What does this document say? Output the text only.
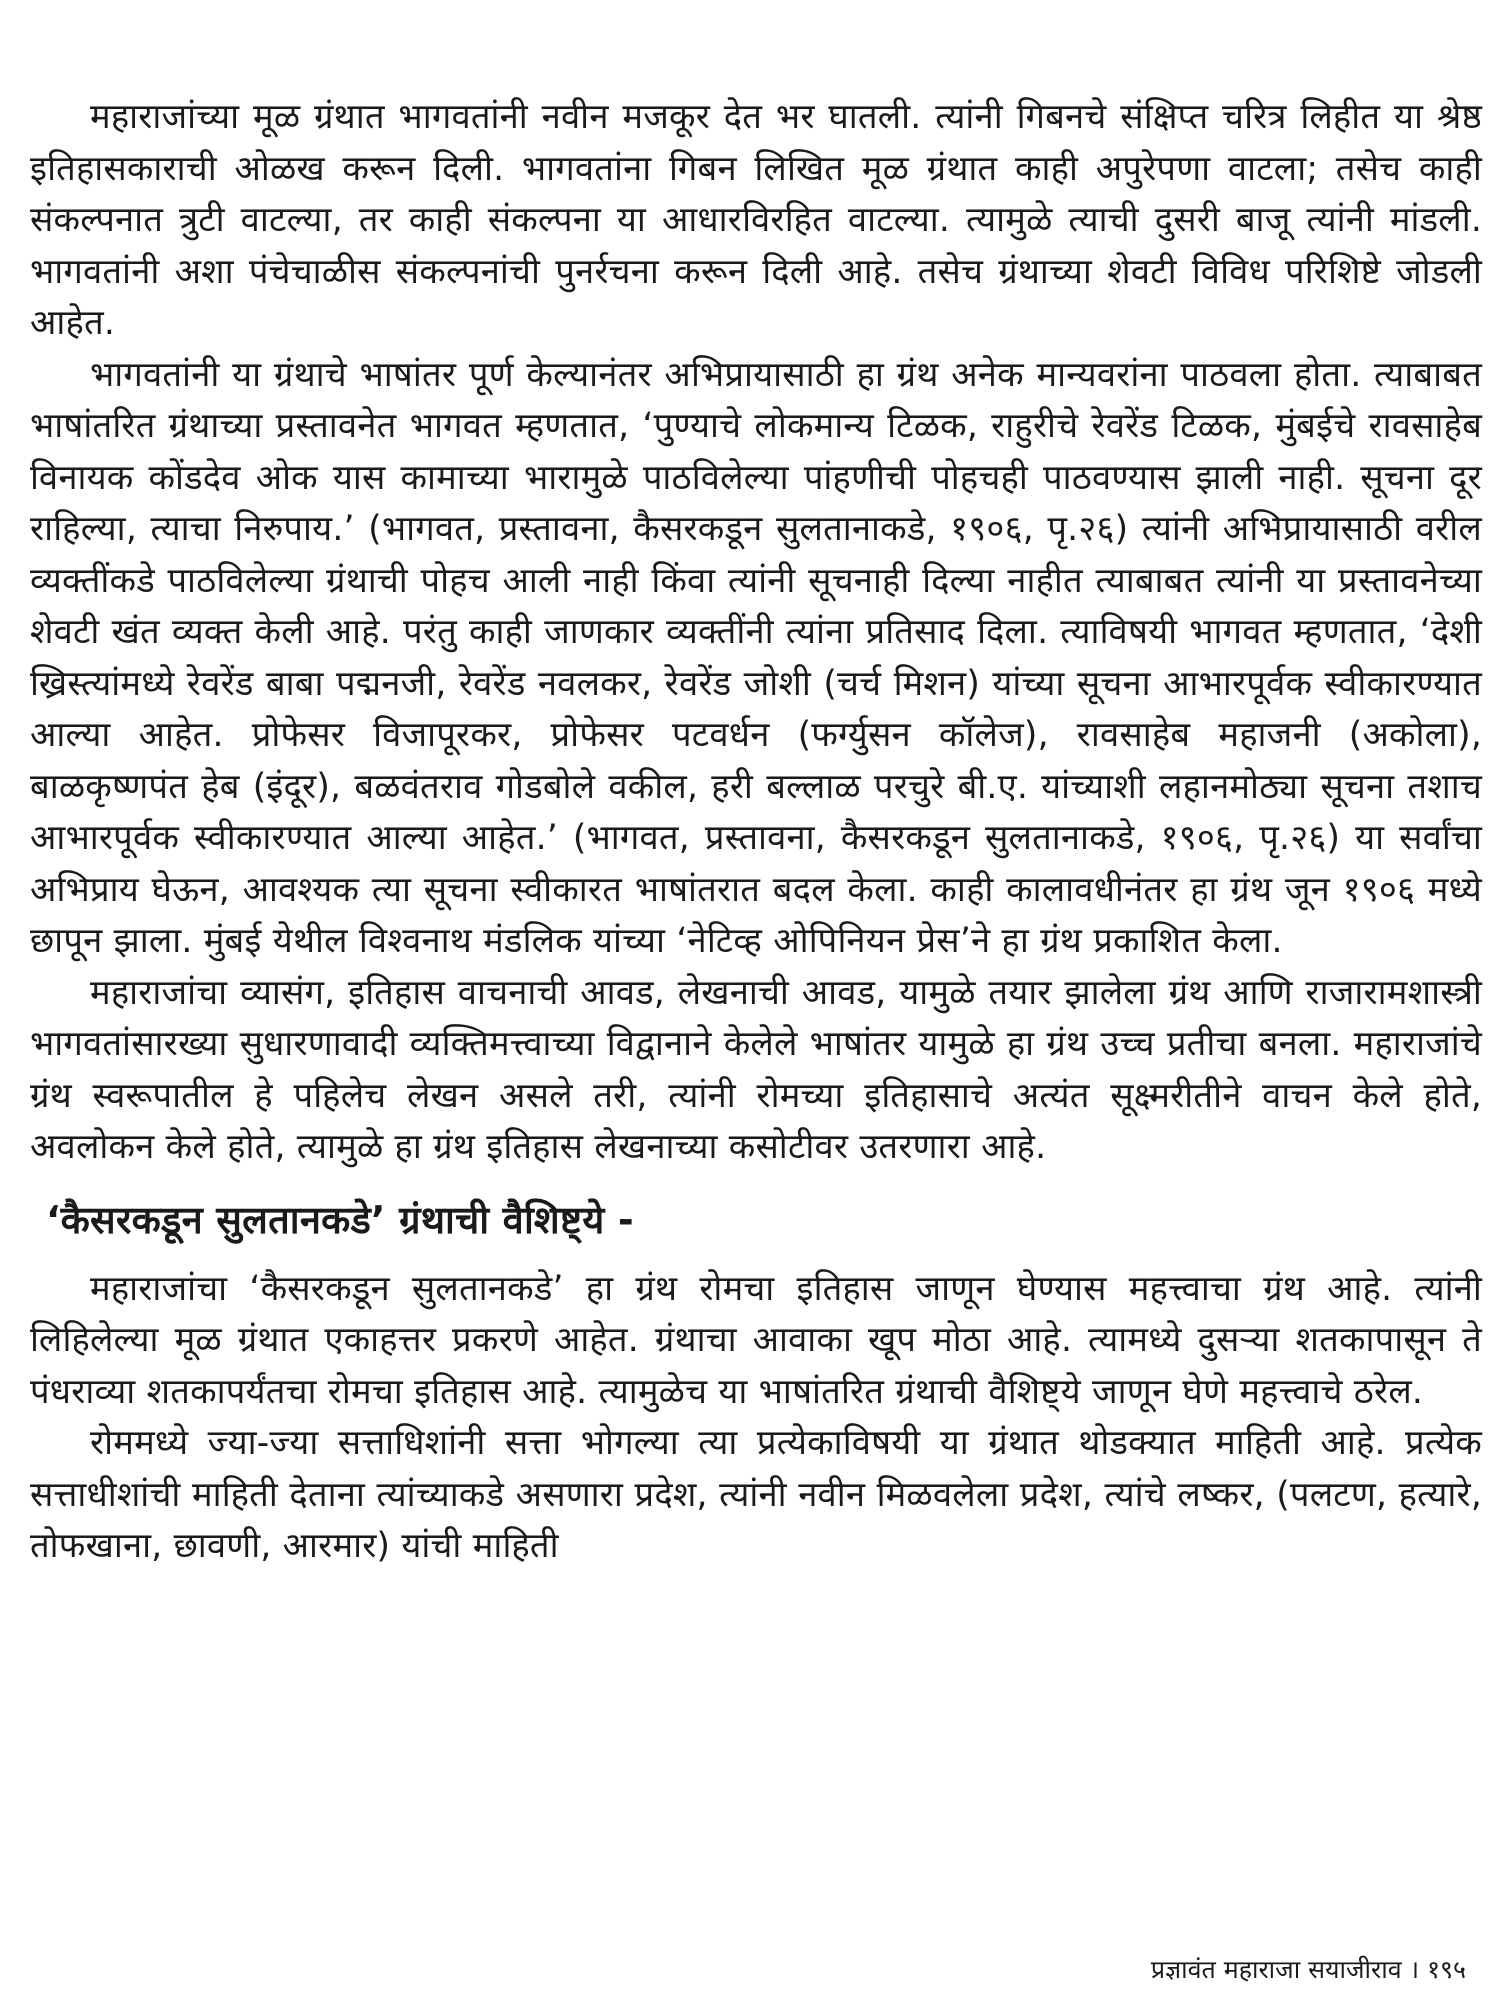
महाराजांच्या मूळ ग्रंथात भागवतांनी नवीन मजकूर देत भर घातली. त्यांनी गिबनचे संक्षिप्त चरित्र लिहीत या श्रेष्ठ इतिहासकाराची ओळख करून दिली. भागवतांना गिबन लिखित मूळ ग्रंथात काही अपुरेपणा वाटला; तसेच काही संकल्पनात त्रुटी वाटल्या, तर काही संकल्पना या आधारविरहित वाटल्या. त्यामुळे त्याची दुसरी बाजू त्यांनी मांडली. भागवतांनी अशा पंचेचाळीस संकल्पनांची पुनर्रचना करून दिली आहे. तसेच ग्रंथाच्या शेवटी विविध परिशिष्टे जोडली आहेत.

भागवतांनी या ग्रंथाचे भाषांतर पूर्ण केल्यानंतर अभिप्रायासाठी हा ग्रंथ अनेक मान्यवरांना पाठवला होता. त्याबाबत भाषांतरित ग्रंथाच्या प्रस्तावनेत भागवत म्हणतात, ‘पुण्याचे लोकमान्य टिळक, राहुरीचे रेवरेंड टिळक, मुंबईचे रावसाहेब विनायक कोंडदेव ओक यास कामाच्या भारामुळे पाठविलेल्या पांहणीची पोहचही पाठवण्यास झाली नाही. सूचना दूर राहिल्या, त्याचा निरुपाय.’ (भागवत, प्रस्तावना, कैसरकडून सुलतानाकडे, १९०६, पृ.२६) त्यांनी अभिप्रायासाठी वरील व्यक्तींकडे पाठविलेल्या ग्रंथाची पोहच आली नाही किंवा त्यांनी सूचनाही दिल्या नाहीत त्याबाबत त्यांनी या प्रस्तावनेच्या शेवटी खंत व्यक्त केली आहे. परंतु काही जाणकार व्यक्तींनी त्यांना प्रतिसाद दिला. त्याविषयी भागवत म्हणतात, ‘देशी ख्रिस्त्यांमध्ये रेवरेंड बाबा पद्मनजी, रेवरेंड नवलकर, रेवरेंड जोशी (चर्च मिशन) यांच्या सूचना आभारपूर्वक स्वीकारण्यात आल्या आहेत. प्रोफेसर विजापूरकर, प्रोफेसर पटवर्धन (फर्ग्युसन कॉलेज), रावसाहेब महाजनी (अकोला), बाळकृष्णपंत हेब (इंदूर), बळवंतराव गोडबोले वकील, हरी बल्लाळ परचुरे बी.ए. यांच्याशी लहानमोठ्या सूचना तशाच आभारपूर्वक स्वीकारण्यात आल्या आहेत.’ (भागवत, प्रस्तावना, कैसरकडून सुलतानाकडे, १९०६, पृ.२६) या सर्वांचा अभिप्राय घेऊन, आवश्यक त्या सूचना स्वीकारत भाषांतरात बदल केला. काही कालावधीनंतर हा ग्रंथ जून १९०६ मध्ये छापून झाला. मुंबई येथील विश्वनाथ मंडलिक यांच्या ‘नेटिव्ह ओपिनियन प्रेस’ने हा ग्रंथ प्रकाशित केला.

महाराजांचा व्यासंग, इतिहास वाचनाची आवड, लेखनाची आवड, यामुळे तयार झालेला ग्रंथ आणि राजारामशास्त्री भागवतांसारख्या सुधारणावादी व्यक्तिमत्त्वाच्या विद्वानाने केलेले भाषांतर यामुळे हा ग्रंथ उच्च प्रतीचा बनला. महाराजांचे ग्रंथ स्वरूपातील हे पहिलेच लेखन असले तरी, त्यांनी रोमच्या इतिहासाचे अत्यंत सूक्ष्मरीतीने वाचन केले होते, अवलोकन केले होते, त्यामुळे हा ग्रंथ इतिहास लेखनाच्या कसोटीवर उतरणारा आहे.

‘कैसरकडून सुलतानकडे’ ग्रंथाची वैशिष्ट्ये -

महाराजांचा ‘कैसरकडून सुलतानकडे’ हा ग्रंथ रोमचा इतिहास जाणून घेण्यास महत्त्वाचा ग्रंथ आहे. त्यांनी लिहिलेल्या मूळ ग्रंथात एकाहत्तर प्रकरणे आहेत. ग्रंथाचा आवाका खूप मोठा आहे. त्यामध्ये दुसऱ्या शतकापासून ते पंधराव्या शतकापर्यंतचा रोमचा इतिहास आहे. त्यामुळेच या भाषांतरित ग्रंथाची वैशिष्ट्ये जाणून घेणे महत्त्वाचे ठरेल.

रोममध्ये ज्या-ज्या सत्ताधिशांनी सत्ता भोगल्या त्या प्रत्येकाविषयी या ग्रंथात थोडक्यात माहिती आहे. प्रत्येक सत्ताधीशांची माहिती देताना त्यांच्याकडे असणारा प्रदेश, त्यांनी नवीन मिळवलेला प्रदेश, त्यांचे लष्कर, (पलटण, हत्यारे, तोफखाना, छावणी, आरमार) यांची माहिती

प्रज्ञावंत महाराजा सयाजीराव । १९५
